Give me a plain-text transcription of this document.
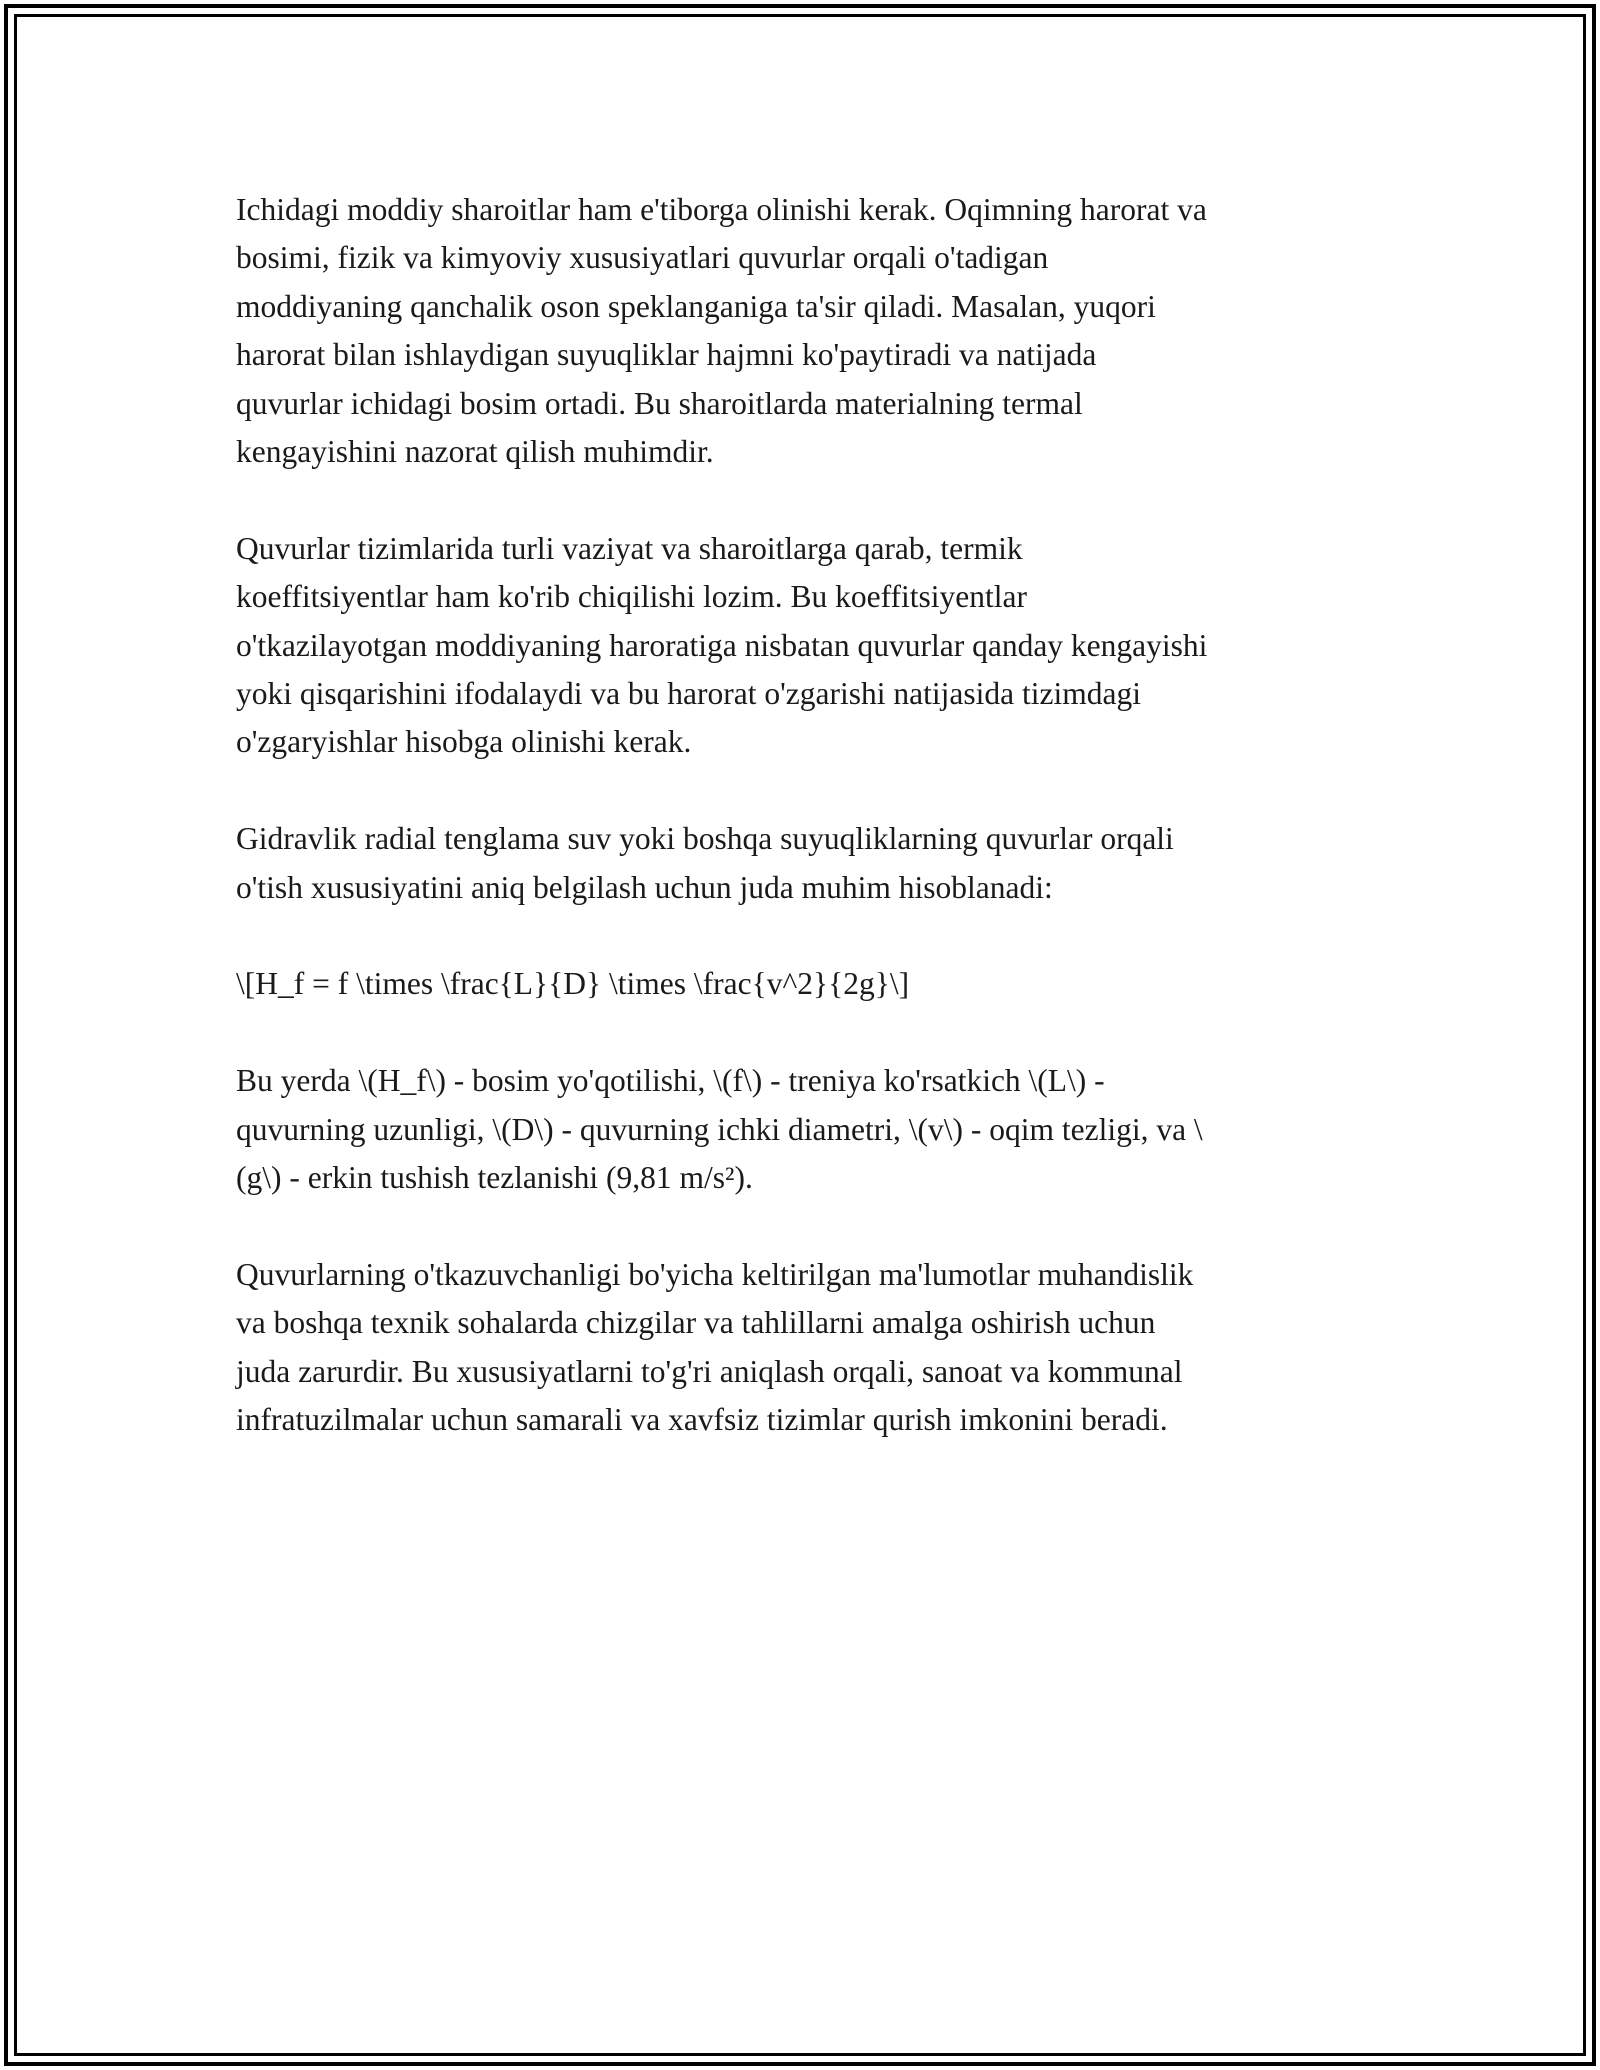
Ichidagi moddiy sharoitlar ham e'tiborga olinishi kerak. Oqimning harorat va
bosimi, fizik va kimyoviy xususiyatlari quvurlar orqali o'tadigan
moddiyaning qanchalik oson speklanganiga ta'sir qiladi. Masalan, yuqori
harorat bilan ishlaydigan suyuqliklar hajmni ko'paytiradi va natijada
quvurlar ichidagi bosim ortadi. Bu sharoitlarda materialning termal
kengayishini nazorat qilish muhimdir.

Quvurlar tizimlarida turli vaziyat va sharoitlarga qarab, termik
koeffitsiyentlar ham ko'rib chiqilishi lozim. Bu koeffitsiyentlar
o'tkazilayotgan moddiyaning haroratiga nisbatan quvurlar qanday kengayishi
yoki qisqarishini ifodalaydi va bu harorat o'zgarishi natijasida tizimdagi
o'zgaryishlar hisobga olinishi kerak.

Gidravlik radial tenglama suv yoki boshqa suyuqliklarning quvurlar orqali
o'tish xususiyatini aniq belgilash uchun juda muhim hisoblanadi:

\[H_f = f \times \frac{L}{D} \times \frac{v^2}{2g}\]

Bu yerda \(H_f\) - bosim yo'qotilishi, \(f\) - treniya ko'rsatkich \(L\) -
quvurning uzunligi, \(D\) - quvurning ichki diametri, \(v\) - oqim tezligi, va \
(g\) - erkin tushish tezlanishi (9,81 m/s²).

Quvurlarning o'tkazuvchanligi bo'yicha keltirilgan ma'lumotlar muhandislik
va boshqa texnik sohalarda chizgilar va tahlillarni amalga oshirish uchun
juda zarurdir. Bu xususiyatlarni to'g'ri aniqlash orqali, sanoat va kommunal
infratuzilmalar uchun samarali va xavfsiz tizimlar qurish imkonini beradi.
